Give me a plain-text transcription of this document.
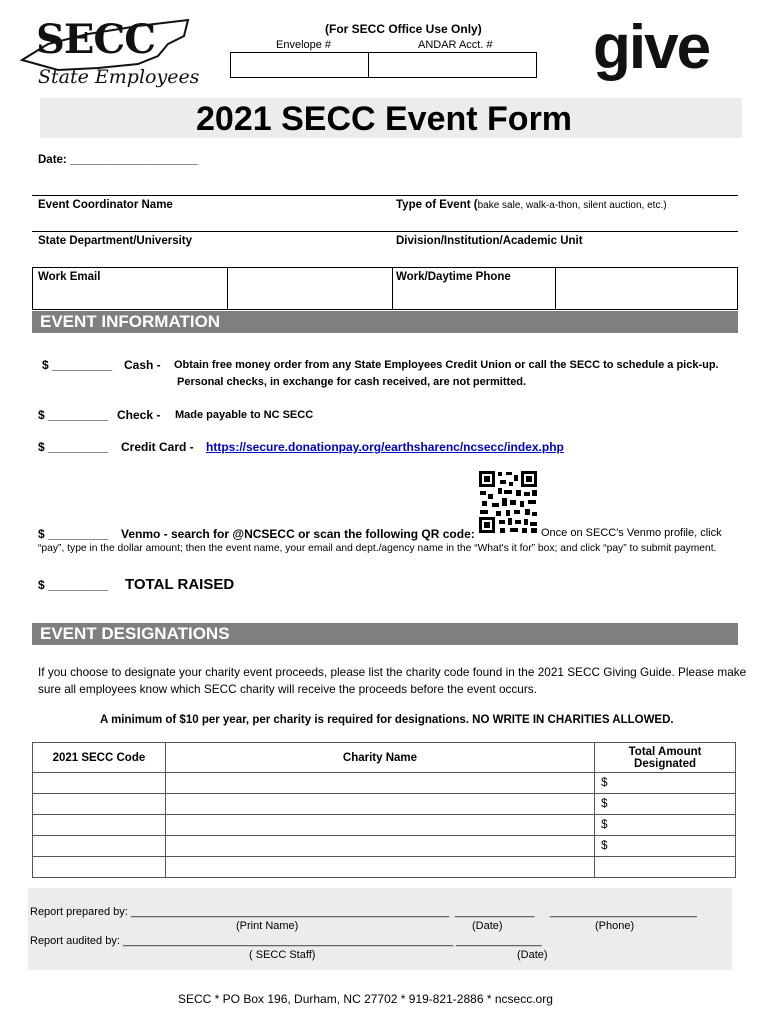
SECC
State Employees
(For SECC Office Use Only)
Envelope #	ANDAR Acct. # give
2021 SECC Event Form
Date: ____________________
Event Coordinator Name	Type of Event (bake sale, walk-a-thon, silent auction, etc.)
State Department/University	Division/Institution/Academic Unit
Work Email	Work/Daytime Phone
EVENT INFORMATION
$ _________ Cash - Obtain free money order from any State Employees Credit Union or call the SECC to schedule a pick-up.
Personal checks, in exchange for cash received, are not permitted.
$ _________ Check - Made payable to NC SECC
$ _________ Credit Card - https://secure.donationpay.org/earthsharenc/ncsecc/index.php
$ _________ Venmo - search for @NCSECC or scan the following QR code:	Once on SECC's Venmo profile, click
“pay”, type in the dollar amount; then the event name, your email and dept./agency name in the “What's it for” box; and click “pay” to submit payment.
$ _________ TOTAL RAISED
EVENT DESIGNATIONS
If you choose to designate your charity event proceeds, please list the charity code found in the 2021 SECC Giving Guide. Please make
sure all employees know which SECC charity will receive the proceeds before the event occurs.
A minimum of $10 per year, per charity is required for designations. NO WRITE IN CHARITIES ALLOWED.
2021 SECC Code	Charity Name	Total Amount Designated
		$
		$
		$
		$

Report prepared by: ____________________________________________________ _____________ ________________________
(Print Name)	(Date)	(Phone)
Report audited by: ______________________________________________________ ______________
( SECC Staff)	(Date)
SECC * PO Box 196, Durham, NC 27702 * 919-821-2886 * ncsecc.org
